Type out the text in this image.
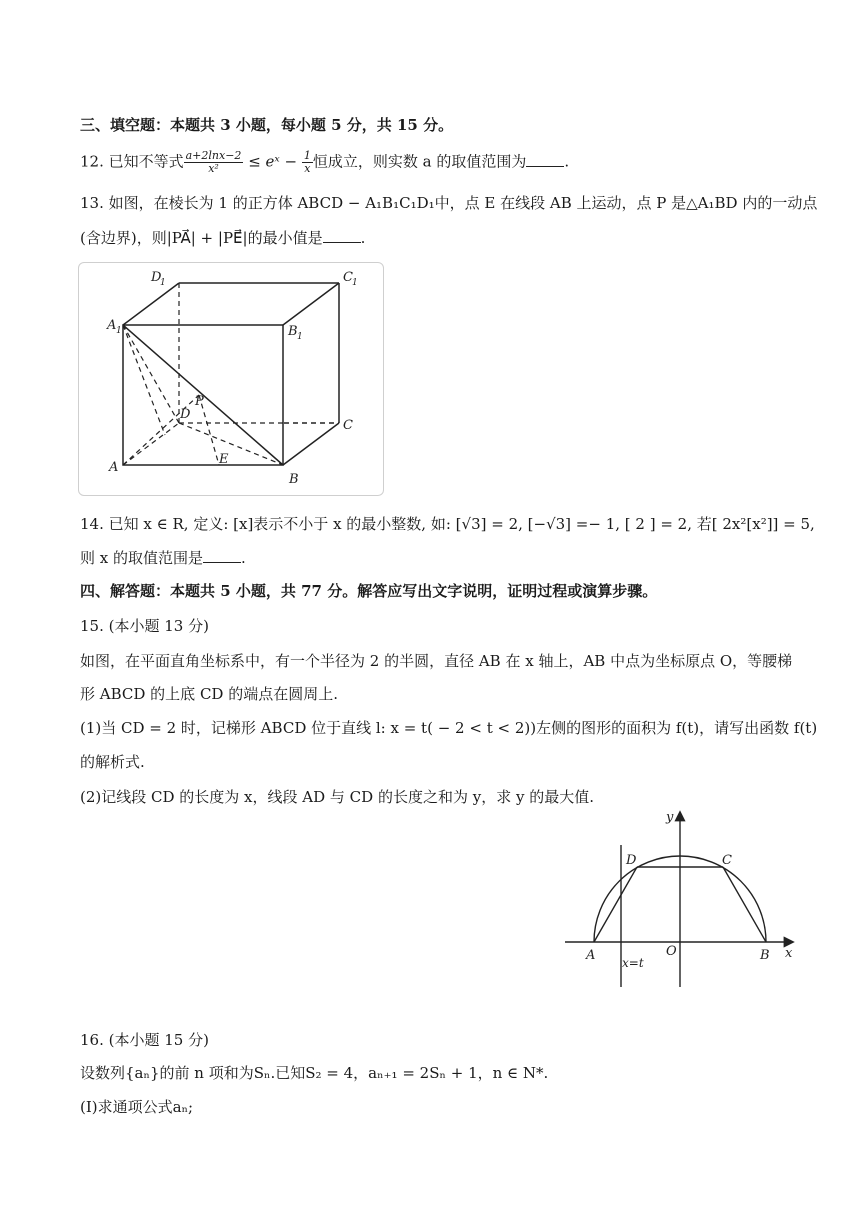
三、填空题：本题共 3 小题，每小题 5 分，共 15 分。
12. 已知不等式 $\frac{a+2\ln x-2}{\text{x²}}$ ≤ eˣ − $\frac{1}{x}$ 恒成立，则实数 a 的取值范围为	.
13. 如图，在棱长为 1 的正方体 ABCD − A₁B₁C₁D₁中，点 E 在线段 AB 上运动，点 P 是△A₁BD 内的一动点
(含边界)，则|PA⃗| + |PE⃗|的最小值是	.
D
1	C 1
A 1	B 1
C
D
P
A
B
E
14. 已知 x ∈ R, 定义: [x]表示不小于 x 的最小整数, 如: [√3] = 2, [−√3] =− 1, [ 2 ] = 2, 若[ 2x²[x²]] = 5,
则 x 的取值范围是	.
四、解答题：本题共 5 小题，共 77 分。解答应写出文字说明，证明过程或演算步骤。
15. (本小题 13 分)
如图，在平面直角坐标系中，有一个半径为 2 的半圆，直径 AB 在 x 轴上，AB 中点为坐标原点 O，等腰梯
形 ABCD 的上底 CD 的端点在圆周上.
(1)当 CD = 2 时，记梯形 ABCD 位于直线 l: x = t( − 2 < t < 2))左侧的图形的面积为 f(t)，请写出函数 f(t)
的解析式.
(2)记线段 CD 的长度为 x，线段 AD 与 CD 的长度之和为 y，求 y 的最大值.
y
x
A	B
O
D	C
x=t
16. (本小题 15 分)
设数列{aₙ}的前 n 项和为Sₙ.已知S₂ = 4，aₙ₊₁ = 2Sₙ + 1，n ∈ N*.
(Ⅰ)求通项公式aₙ;
